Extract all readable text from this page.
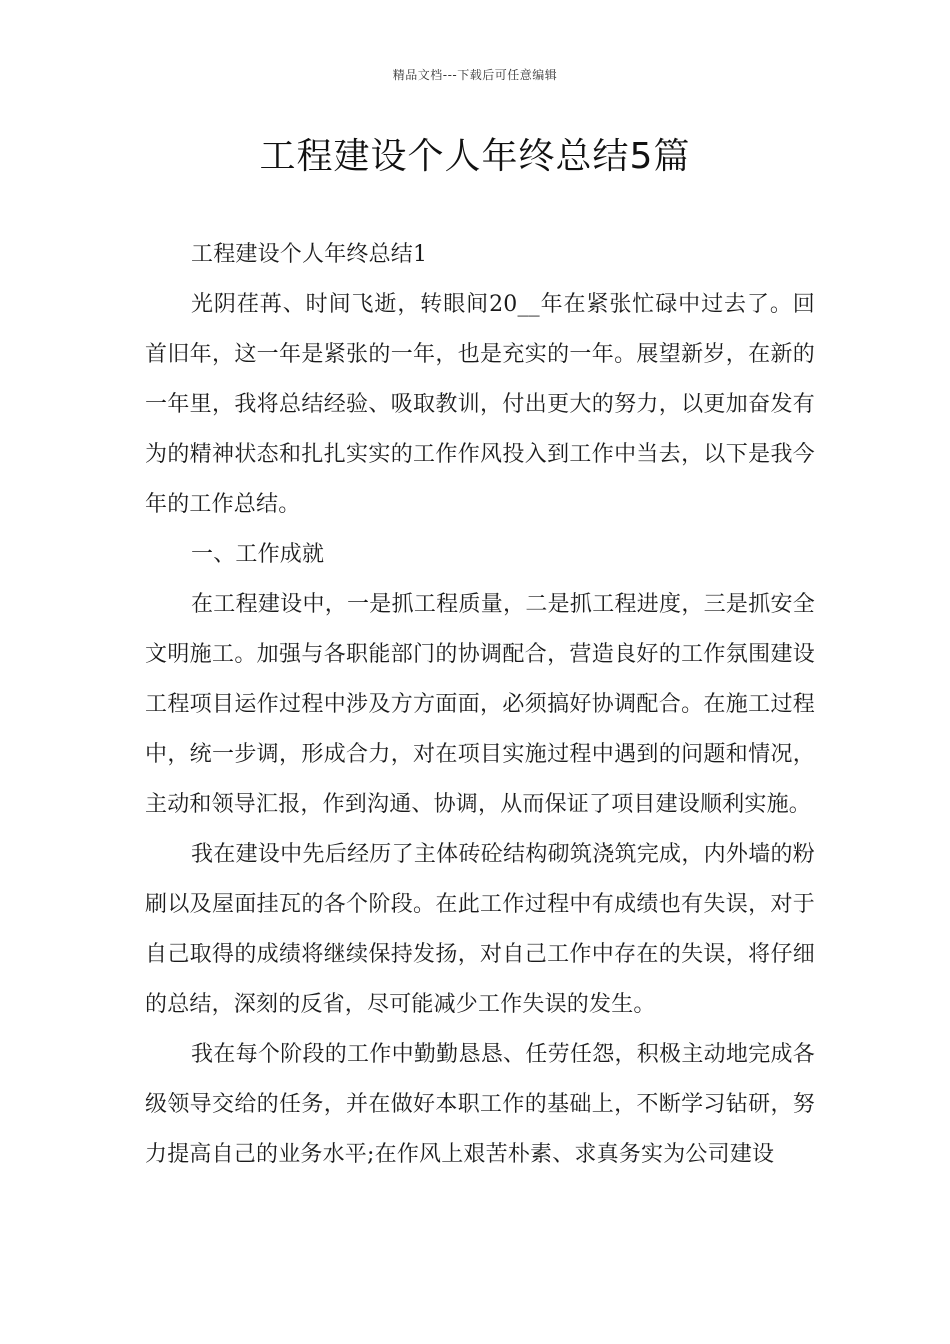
精品文档---下载后可任意编辑
工程建设个人年终总结5篇

工程建设个人年终总结1

光阴荏苒、时间飞逝，转眼间20__年在紧张忙碌中过去了。回首旧年，这一年是紧张的一年，也是充实的一年。展望新岁，在新的一年里，我将总结经验、吸取教训，付出更大的努力，以更加奋发有为的精神状态和扎扎实实的工作作风投入到工作中当去，以下是我今年的工作总结。

一、工作成就

在工程建设中，一是抓工程质量，二是抓工程进度，三是抓安全文明施工。加强与各职能部门的协调配合，营造良好的工作氛围建设工程项目运作过程中涉及方方面面，必须搞好协调配合。在施工过程中，统一步调，形成合力，对在项目实施过程中遇到的问题和情况，主动和领导汇报，作到沟通、协调，从而保证了项目建设顺利实施。

我在建设中先后经历了主体砖砼结构砌筑浇筑完成，内外墙的粉刷以及屋面挂瓦的各个阶段。在此工作过程中有成绩也有失误，对于自己取得的成绩将继续保持发扬，对自己工作中存在的失误，将仔细的总结，深刻的反省，尽可能减少工作失误的发生。

我在每个阶段的工作中勤勤恳恳、任劳任怨，积极主动地完成各级领导交给的任务，并在做好本职工作的基础上，不断学习钻研，努力提高自己的业务水平;在作风上艰苦朴素、求真务实为公司建设
